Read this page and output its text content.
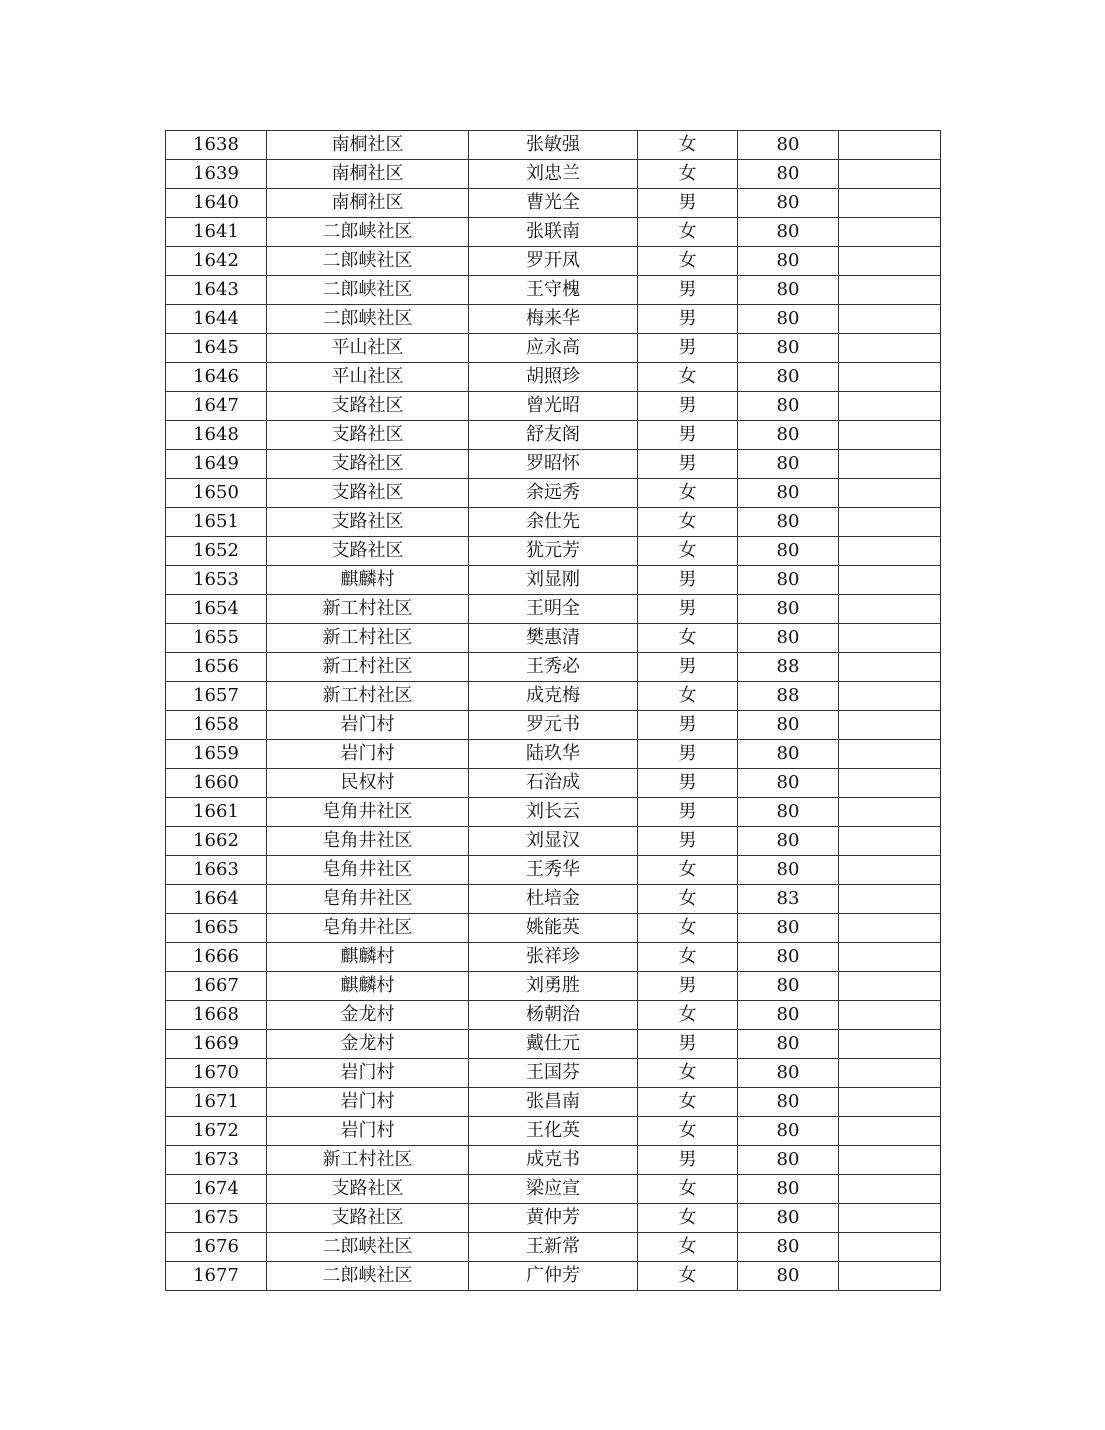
1638	南桐社区	张敏强	女	80	
1639	南桐社区	刘忠兰	女	80	
1640	南桐社区	曹光全	男	80	
1641	二郎峡社区	张联南	女	80	
1642	二郎峡社区	罗开凤	女	80	
1643	二郎峡社区	王守槐	男	80	
1644	二郎峡社区	梅来华	男	80	
1645	平山社区	应永高	男	80	
1646	平山社区	胡照珍	女	80	
1647	支路社区	曾光昭	男	80	
1648	支路社区	舒友阁	男	80	
1649	支路社区	罗昭怀	男	80	
1650	支路社区	余远秀	女	80	
1651	支路社区	余仕先	女	80	
1652	支路社区	犹元芳	女	80	
1653	麒麟村	刘显刚	男	80	
1654	新工村社区	王明全	男	80	
1655	新工村社区	樊惠清	女	80	
1656	新工村社区	王秀必	男	88	
1657	新工村社区	成克梅	女	88	
1658	岩门村	罗元书	男	80	
1659	岩门村	陆玖华	男	80	
1660	民权村	石治成	男	80	
1661	皂角井社区	刘长云	男	80	
1662	皂角井社区	刘显汉	男	80	
1663	皂角井社区	王秀华	女	80	
1664	皂角井社区	杜培金	女	83	
1665	皂角井社区	姚能英	女	80	
1666	麒麟村	张祥珍	女	80	
1667	麒麟村	刘勇胜	男	80	
1668	金龙村	杨朝治	女	80	
1669	金龙村	戴仕元	男	80	
1670	岩门村	王国芬	女	80	
1671	岩门村	张昌南	女	80	
1672	岩门村	王化英	女	80	
1673	新工村社区	成克书	男	80	
1674	支路社区	梁应宣	女	80	
1675	支路社区	黄仲芳	女	80	
1676	二郎峡社区	王新常	女	80	
1677	二郎峡社区	广仲芳	女	80	
